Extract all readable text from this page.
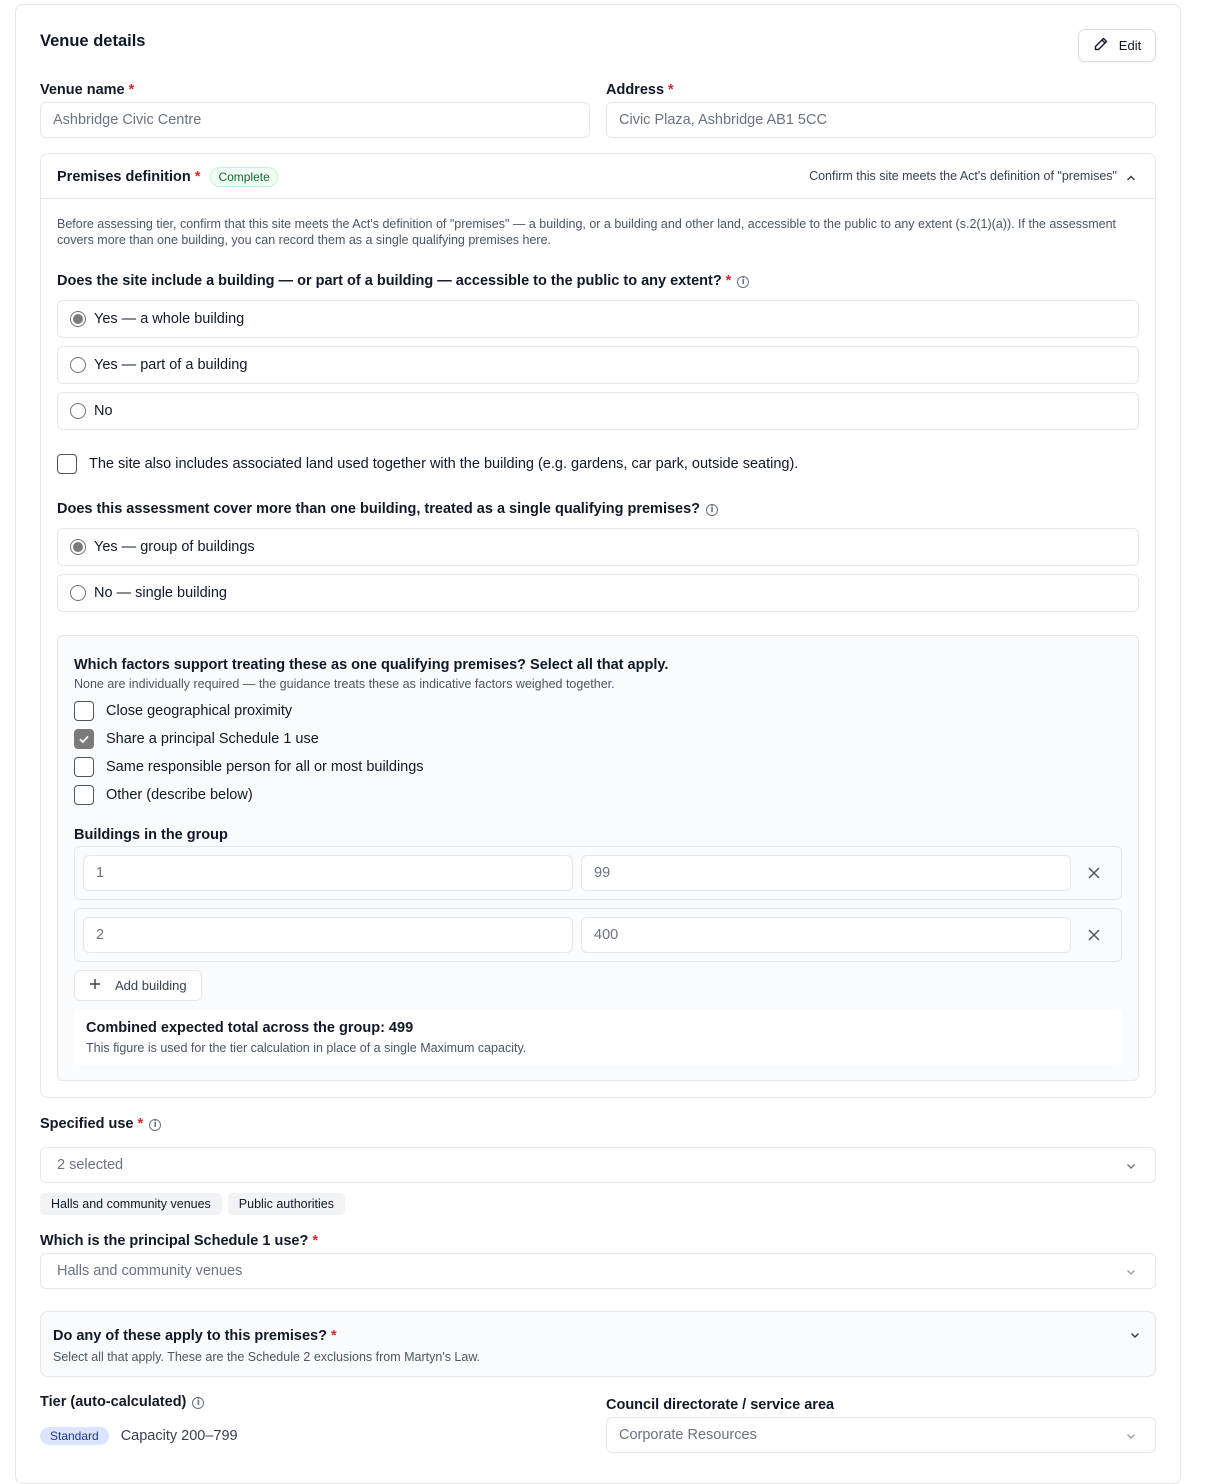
Venue details	Edit
Venue name *
Ashbridge Civic Centre
Address *
Civic Plaza, Ashbridge AB1 5CC
Premises definition * Complete	Confirm this site meets the Act's definition of "premises"
Before assessing tier, confirm that this site meets the Act's definition of "premises" — a building, or a building and other land, accessible to the public to any extent (s.2(1)(a)). If the assessment covers more than one building, you can record them as a single qualifying premises here.
Does the site include a building — or part of a building — accessible to the public to any extent? * i
Yes — a whole building
Yes — part of a building
No
The site also includes associated land used together with the building (e.g. gardens, car park, outside seating).
Does this assessment cover more than one building, treated as a single qualifying premises? i
Yes — group of buildings
No — single building
Which factors support treating these as one qualifying premises? Select all that apply.
None are individually required — the guidance treats these as indicative factors weighed together.
Close geographical proximity
Share a principal Schedule 1 use
Same responsible person for all or most buildings
Other (describe below)
Buildings in the group
1	99
2	400
Add building
Combined expected total across the group: 499
This figure is used for the tier calculation in place of a single Maximum capacity.
Specified use * i
2 selected
Halls and community venues Public authorities
Which is the principal Schedule 1 use? *
Halls and community venues
Do any of these apply to this premises? *
Select all that apply. These are the Schedule 2 exclusions from Martyn's Law.
Tier (auto-calculated) i
Standard	Capacity 200–799
Council directorate / service area
Corporate Resources
